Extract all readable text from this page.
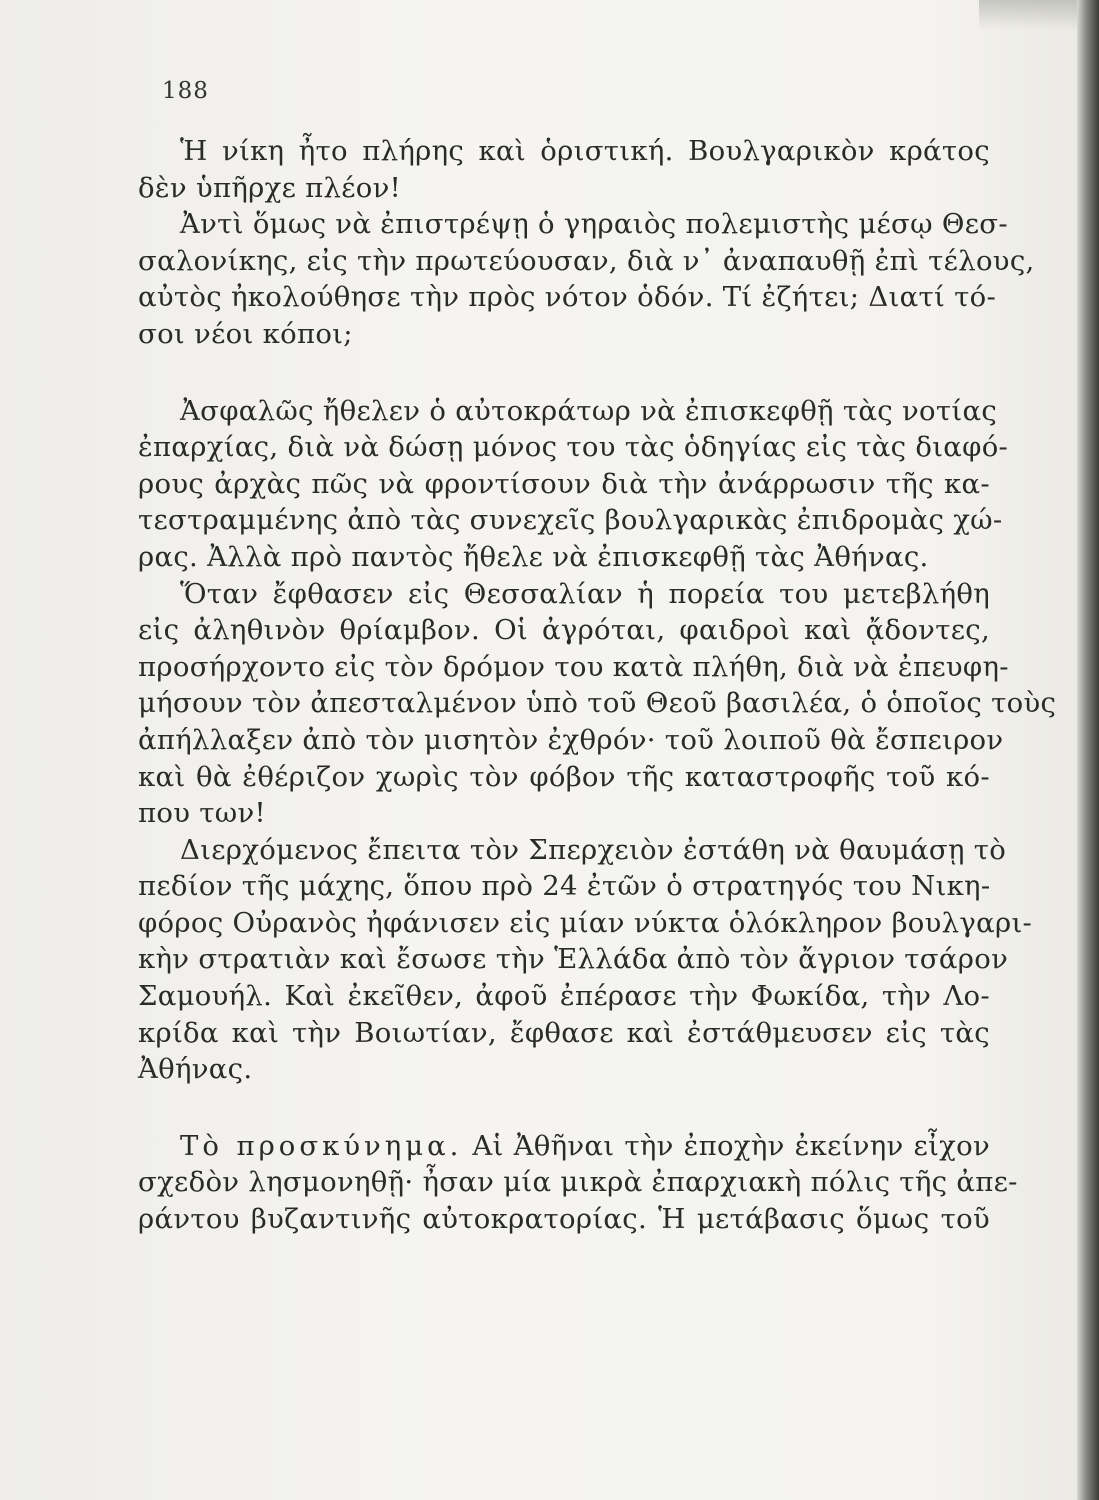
188
Ἡ νίκη ἦτο πλήρης καὶ ὁριστική. Βουλγαρικὸν κράτος
δὲν ὑπῆρχε πλέον!
Ἀντὶ ὅμως νὰ ἐπιστρέψῃ ὁ γηραιὸς πολεμιστὴς μέσῳ Θεσ-
σαλονίκης, εἰς τὴν πρωτεύουσαν, διὰ ν᾽ ἀναπαυθῇ ἐπὶ τέλους,
αὐτὸς ἠκολούθησε τὴν πρὸς νότον ὁδόν. Τί ἐζήτει; Διατί τό-
σοι νέοι κόποι;
Ἀσφαλῶς ἤθελεν ὁ αὐτοκράτωρ νὰ ἐπισκεφθῇ τὰς νοτίας
ἐπαρχίας, διὰ νὰ δώσῃ μόνος του τὰς ὁδηγίας εἰς τὰς διαφό-
ρους ἀρχὰς πῶς νὰ φροντίσουν διὰ τὴν ἀνάρρωσιν τῆς κα-
τεστραμμένης ἀπὸ τὰς συνεχεῖς βουλγαρικὰς ἐπιδρομὰς χώ-
ρας. Ἀλλὰ πρὸ παντὸς ἤθελε νὰ ἐπισκεφθῇ τὰς Ἀθήνας.
Ὅταν ἔφθασεν εἰς Θεσσαλίαν ἡ πορεία του μετεβλήθη
εἰς ἀληθινὸν θρίαμβον. Οἱ ἀγρόται, φαιδροὶ καὶ ᾄδοντες,
προσήρχοντο εἰς τὸν δρόμον του κατὰ πλήθη, διὰ νὰ ἐπευφη-
μήσουν τὸν ἀπεσταλμένον ὑπὸ τοῦ Θεοῦ βασιλέα, ὁ ὁποῖος τοὺς
ἀπήλλαξεν ἀπὸ τὸν μισητὸν ἐχθρόν· τοῦ λοιποῦ θὰ ἔσπειρον
καὶ θὰ ἐθέριζον χωρὶς τὸν φόβον τῆς καταστροφῆς τοῦ κό-
που των!
Διερχόμενος ἔπειτα τὸν Σπερχειὸν ἐστάθη νὰ θαυμάσῃ τὸ
πεδίον τῆς μάχης, ὅπου πρὸ 24 ἐτῶν ὁ στρατηγός του Νικη-
φόρος Οὐρανὸς ἠφάνισεν εἰς μίαν νύκτα ὁλόκληρον βουλγαρι-
κὴν στρατιὰν καὶ ἔσωσε τὴν Ἑλλάδα ἀπὸ τὸν ἄγριον τσάρον
Σαμουήλ. Καὶ ἐκεῖθεν, ἀφοῦ ἐπέρασε τὴν Φωκίδα, τὴν Λο-
κρίδα καὶ τὴν Βοιωτίαν, ἔφθασε καὶ ἐστάθμευσεν εἰς τὰς
Ἀθήνας.
Τὸ προσκύνημα. Αἱ Ἀθῆναι τὴν ἐποχὴν ἐκείνην εἶχον
σχεδὸν λησμονηθῇ· ἦσαν μία μικρὰ ἐπαρχιακὴ πόλις τῆς ἀπε-
ράντου βυζαντινῆς αὐτοκρατορίας. Ἡ μετάβασις ὅμως τοῦ
